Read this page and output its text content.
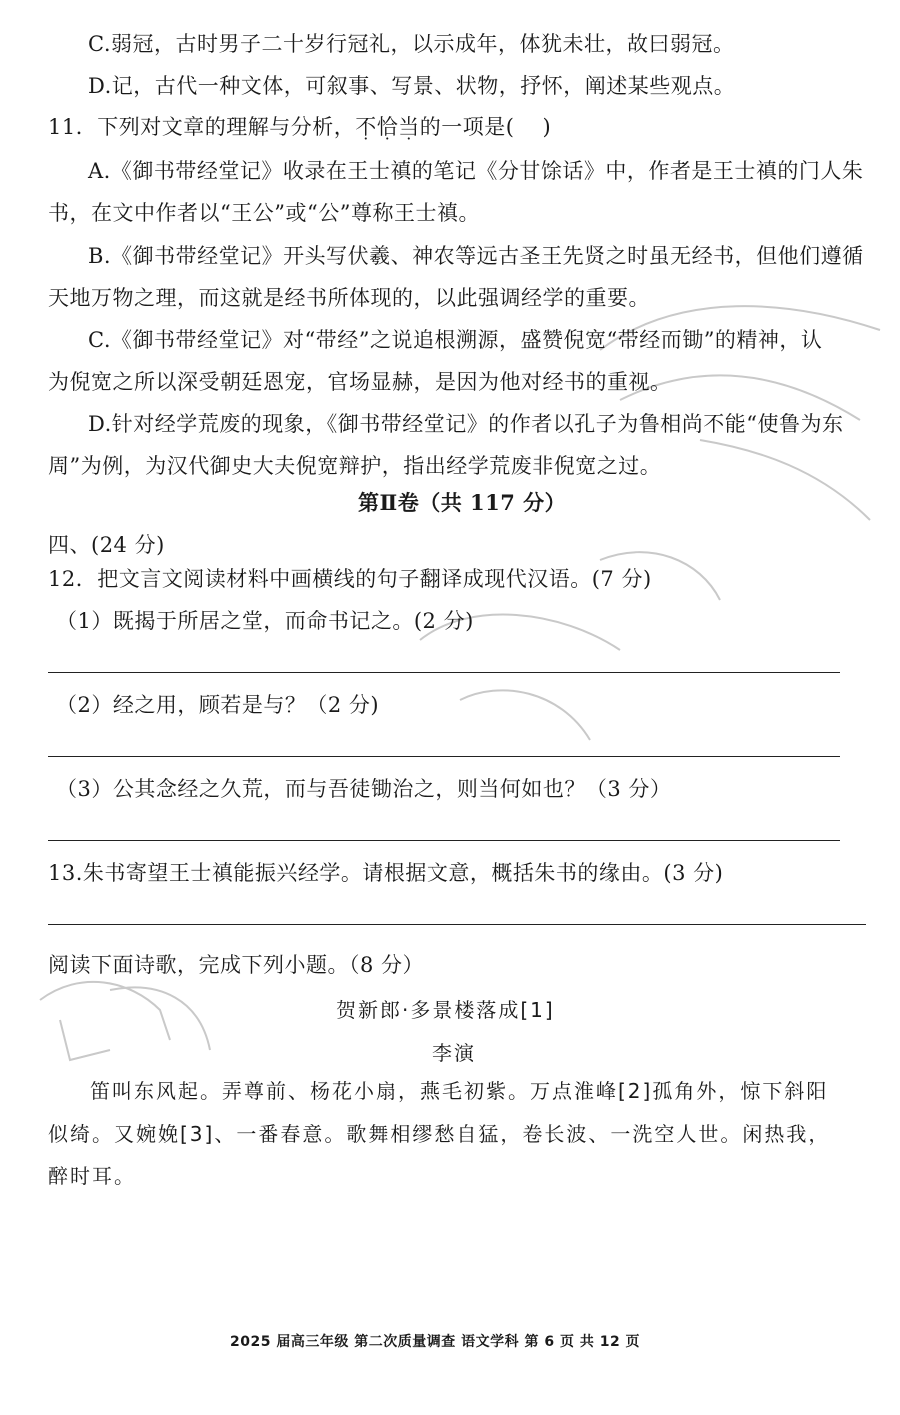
C.弱冠，古时男子二十岁行冠礼，以示成年，体犹未壮，故曰弱冠。
D.记，古代一种文体，可叙事、写景、状物，抒怀，阐述某些观点。
11．下列对文章的理解与分析，不恰当的一项是( )
A.《御书带经堂记》收录在王士禛的笔记《分甘馀话》中，作者是王士禛的门人朱
书，在文中作者以“王公”或“公”尊称王士禛。
B.《御书带经堂记》开头写伏羲、神农等远古圣王先贤之时虽无经书，但他们遵循
天地万物之理，而这就是经书所体现的，以此强调经学的重要。
C.《御书带经堂记》对“带经”之说追根溯源，盛赞倪宽“带经而锄”的精神，认
为倪宽之所以深受朝廷恩宠，官场显赫，是因为他对经书的重视。
D.针对经学荒废的现象，《御书带经堂记》的作者以孔子为鲁相尚不能“使鲁为东
周”为例，为汉代御史大夫倪宽辩护，指出经学荒废非倪宽之过。
第Ⅱ卷（共 117 分）
四、(24 分)
12．把文言文阅读材料中画横线的句子翻译成现代汉语。(7 分)
（1）既揭于所居之堂，而命书记之。(2 分)
（2）经之用，顾若是与？（2 分)
（3）公其念经之久荒，而与吾徒锄治之，则当何如也？（3 分）
13.朱书寄望王士禛能振兴经学。请根据文意，概括朱书的缘由。(3 分)
阅读下面诗歌，完成下列小题。（8 分）
贺新郎·多景楼落成[1]
李演
笛叫东风起。弄尊前、杨花小扇，燕毛初紫。万点淮峰[2]孤角外，惊下斜阳
似绮。又婉娩[3]、一番春意。歌舞相缪愁自猛，卷长波、一洗空人世。闲热我，
醉时耳。
2025 届高三年级 第二次质量调查 语文学科 第 6 页 共 12 页
